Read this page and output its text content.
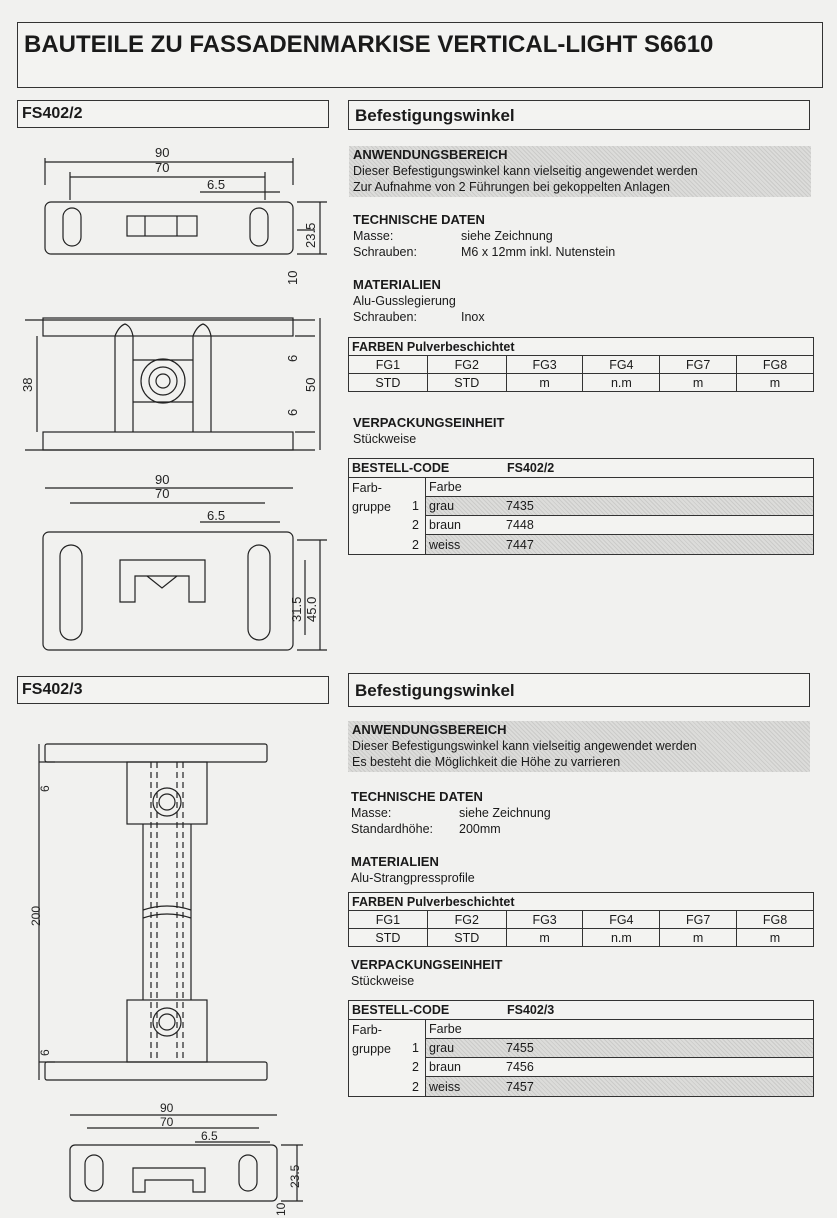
BAUTEILE ZU FASSADENMARKISE VERTICAL-LIGHT S6610
FS402/2	Befestigungswinkel
90
70
6.5
23.5
10
38
6
50
6
90
70
6.5
31.5 45.0
ANWENDUNGSBEREICH
Dieser Befestigungswinkel kann vielseitig angewendet werden
Zur Aufnahme von 2 Führungen bei gekoppelten Anlagen
TECHNISCHE DATEN
Masse:	siehe Zeichnung
Schrauben:	M6 x 12mm inkl. Nutenstein
MATERIALIEN
Alu-Gusslegierung
Schrauben:	Inox
FARBEN Pulverbeschichtet					
FG1	FG2	FG3	FG4	FG7	FG8
STD	STD	m	n.m	m	m
VERPACKUNGSEINHEIT
Stückweise
BESTELL-CODE	FS402/2
Farb-
gruppe
Farbe
1 grau	7435
2 braun	7448
2 weiss	7447
FS402/3	Befestigungswinkel
6
200
6
90
70
6.5
23.5
10
ANWENDUNGSBEREICH
Dieser Befestigungswinkel kann vielseitig angewendet werden
Es besteht die Möglichkeit die Höhe zu varrieren
TECHNISCHE DATEN
Masse:	siehe Zeichnung
Standardhöhe:	200mm
MATERIALIEN
Alu-Strangpressprofile
FARBEN Pulverbeschichtet					
FG1	FG2	FG3	FG4	FG7	FG8
STD	STD	m	n.m	m	m
VERPACKUNGSEINHEIT
Stückweise
BESTELL-CODE	FS402/3
Farb-
gruppe
Farbe
1 grau	7455
2 braun	7456
2 weiss	7457
